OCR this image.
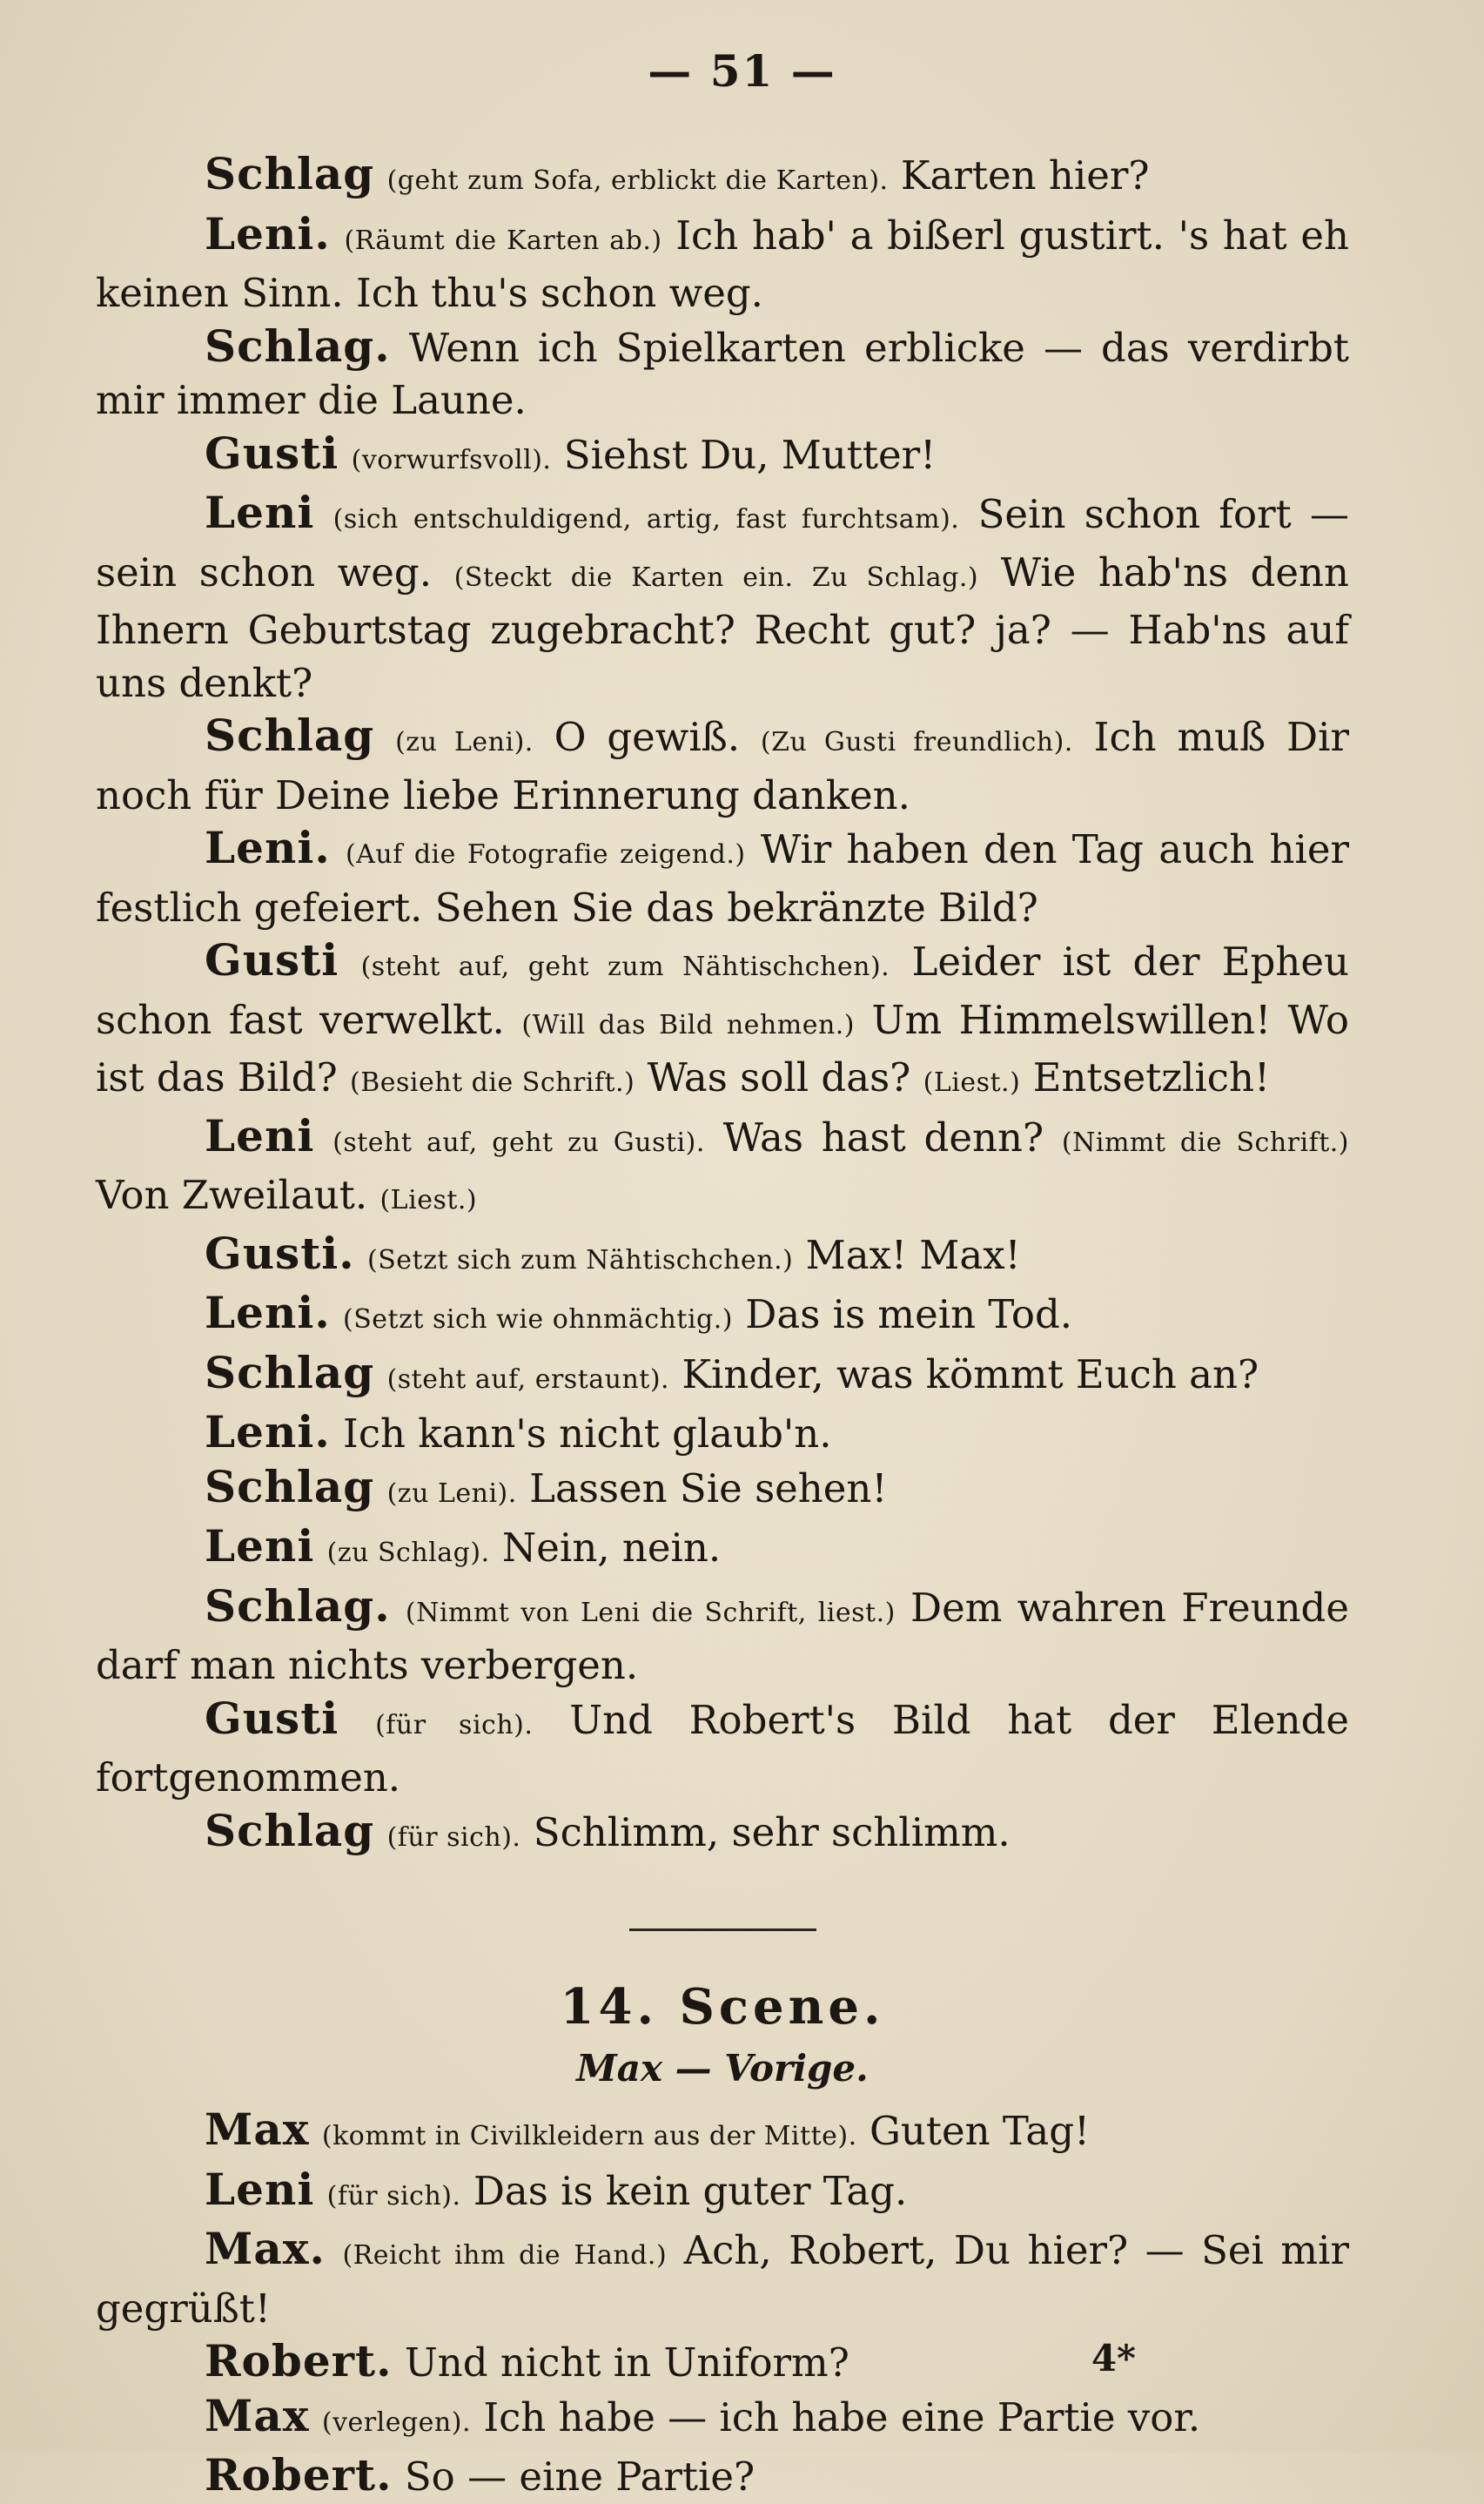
— 51 —

Schlag (geht zum Sofa, erblickt die Karten). Karten hier?

Leni. (Räumt die Karten ab.) Ich hab' a bißerl gustirt. 's hat eh keinen Sinn. Ich thu's schon weg.

Schlag. Wenn ich Spielkarten erblicke — das verdirbt mir immer die Laune.

Gusti (vorwurfsvoll). Siehst Du, Mutter!

Leni (sich entschuldigend, artig, fast furchtsam). Sein schon fort — sein schon weg. (Steckt die Karten ein. Zu Schlag.) Wie hab'ns denn Ihnern Geburtstag zugebracht? Recht gut? ja? — Hab'ns auf uns denkt?

Schlag (zu Leni). O gewiß. (Zu Gusti freundlich). Ich muß Dir noch für Deine liebe Erinnerung danken.

Leni. (Auf die Fotografie zeigend.) Wir haben den Tag auch hier festlich gefeiert. Sehen Sie das bekränzte Bild?

Gusti (steht auf, geht zum Nähtischchen). Leider ist der Epheu schon fast verwelkt. (Will das Bild nehmen.) Um Himmelswillen! Wo ist das Bild? (Besieht die Schrift.) Was soll das? (Liest.) Entsetzlich!

Leni (steht auf, geht zu Gusti). Was hast denn? (Nimmt die Schrift.) Von Zweilaut. (Liest.)

Gusti. (Setzt sich zum Nähtischchen.) Max! Max!

Leni. (Setzt sich wie ohnmächtig.) Das is mein Tod.

Schlag (steht auf, erstaunt). Kinder, was kömmt Euch an?

Leni. Ich kann's nicht glaub'n.

Schlag (zu Leni). Lassen Sie sehen!

Leni (zu Schlag). Nein, nein.

Schlag. (Nimmt von Leni die Schrift, liest.) Dem wahren Freunde darf man nichts verbergen.

Gusti (für sich). Und Robert's Bild hat der Elende fortgenommen.

Schlag (für sich). Schlimm, sehr schlimm.

14. Scene.

Max — Vorige.

Max (kommt in Civilkleidern aus der Mitte). Guten Tag!

Leni (für sich). Das is kein guter Tag.

Max. (Reicht ihm die Hand.) Ach, Robert, Du hier? — Sei mir gegrüßt!

Robert. Und nicht in Uniform?

Max (verlegen). Ich habe — ich habe eine Partie vor.

Robert. So — eine Partie?

4*
